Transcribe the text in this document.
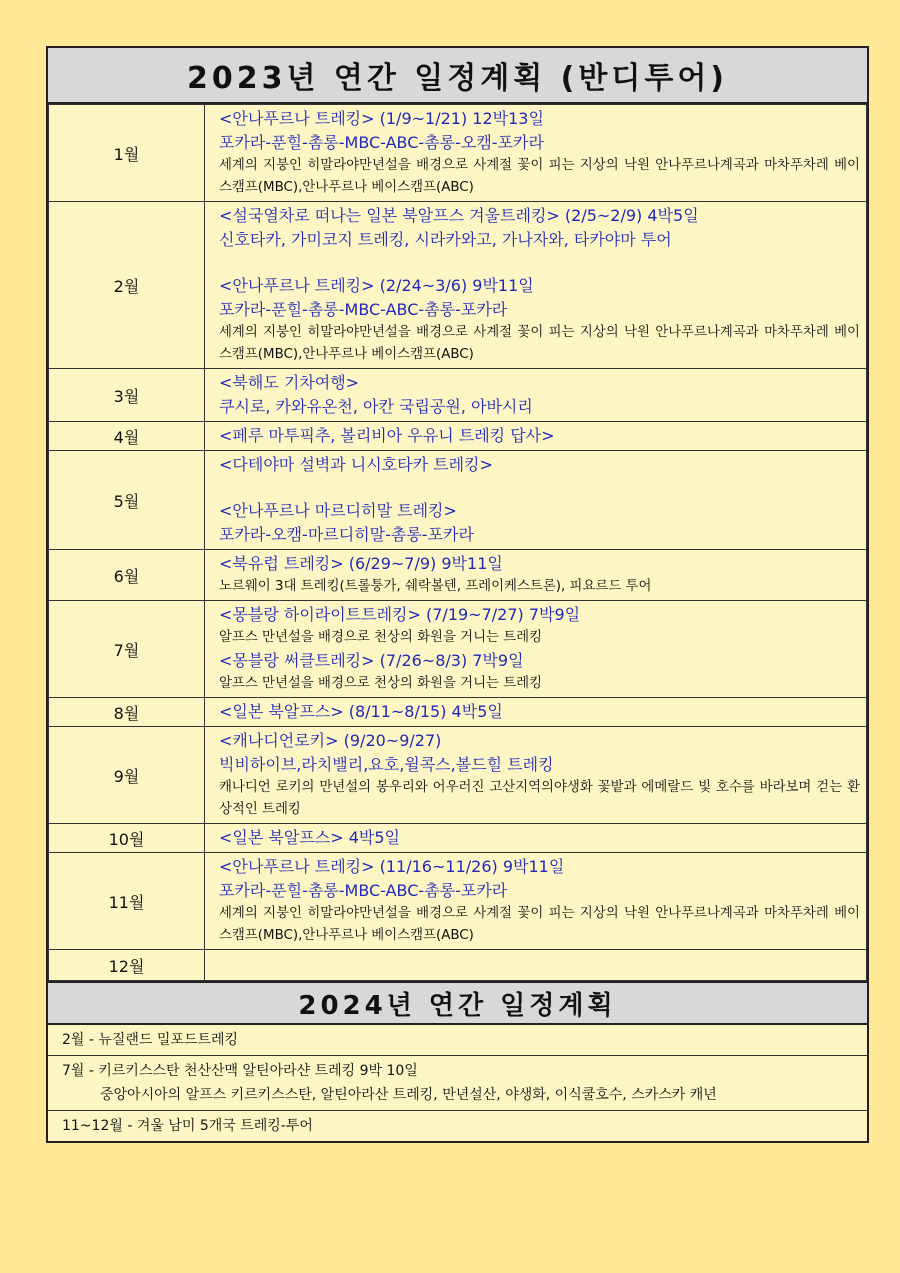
2023년 연간 일정계획 (반디투어)
1월	<안나푸르나 트레킹> (1/9~1/21) 12박13일
포카라-푼힐-촘롱-MBC-ABC-촘롱-오캠-포카라
세계의 지붕인 히말라야만년설을 배경으로 사계절 꽃이 피는 지상의 낙원 안나푸르나계곡과 마차푸차레 베이스캠프(MBC),안나푸르나 베이스캠프(ABC)

2월	<설국열차로 떠나는 일본 북알프스 겨울트레킹> (2/5~2/9) 4박5일
신호타카, 가미코지 트레킹, 시라카와고, 가나자와, 타카야마 투어
<안나푸르나 트레킹> (2/24~3/6) 9박11일
포카라-푼힐-촘롱-MBC-ABC-촘롱-포카라
세계의 지붕인 히말라야만년설을 배경으로 사계절 꽃이 피는 지상의 낙원 안나푸르나계곡과 마차푸차레 베이스캠프(MBC),안나푸르나 베이스캠프(ABC)

3월	<북해도 기차여행>
쿠시로, 카와유온천, 아칸 국립공원, 아바시리

4월	<페루 마투픽추, 볼리비아 우유니 트레킹 답사>

5월	<다테야마 설벽과 니시호타카 트레킹>
<안나푸르나 마르디히말 트레킹>
포카라-오캠-마르디히말-촘롱-포카라

6월	<북유럽 트레킹> (6/29~7/9) 9박11일
노르웨이 3대 트레킹(트롤퉁가, 쉐락볼텐, 프레이케스트론), 피요르드 투어

7월	<몽블랑 하이라이트트레킹> (7/19~7/27) 7박9일
알프스 만년설을 배경으로 천상의 화원을 거니는 트레킹
<몽블랑 써클트레킹> (7/26~8/3) 7박9일
알프스 만년설을 배경으로 천상의 화원을 거니는 트레킹

8월	<일본 북알프스> (8/11~8/15) 4박5일

9월	<캐나디언로키> (9/20~9/27)
빅비하이브,라치밸리,요호,윌콕스,볼드힐 트레킹
캐나디언 로키의 만년설의 봉우리와 어우러진 고산지역의야생화 꽃밭과 에메랄드 빛 호수를 바라보며 걷는 환상적인 트레킹

10월	<일본 북알프스> 4박5일

11월	<안나푸르나 트레킹> (11/16~11/26) 9박11일
포카라-푼힐-촘롱-MBC-ABC-촘롱-포카라
세계의 지붕인 히말라야만년설을 배경으로 사계절 꽃이 피는 지상의 낙원 안나푸르나계곡과 마차푸차레 베이스캠프(MBC),안나푸르나 베이스캠프(ABC)

12월	
2024년 연간 일정계획
2월 - 뉴질랜드 밀포드트레킹
7월 - 키르키스스탄 천산산맥 알틴아라샨 트레킹 9박 10일
중앙아시아의 알프스 키르키스스탄, 알틴아라산 트레킹, 만년설산, 야생화, 이식쿨호수, 스카스카 캐년
11~12월 - 겨울 남미 5개국 트레킹-투어
